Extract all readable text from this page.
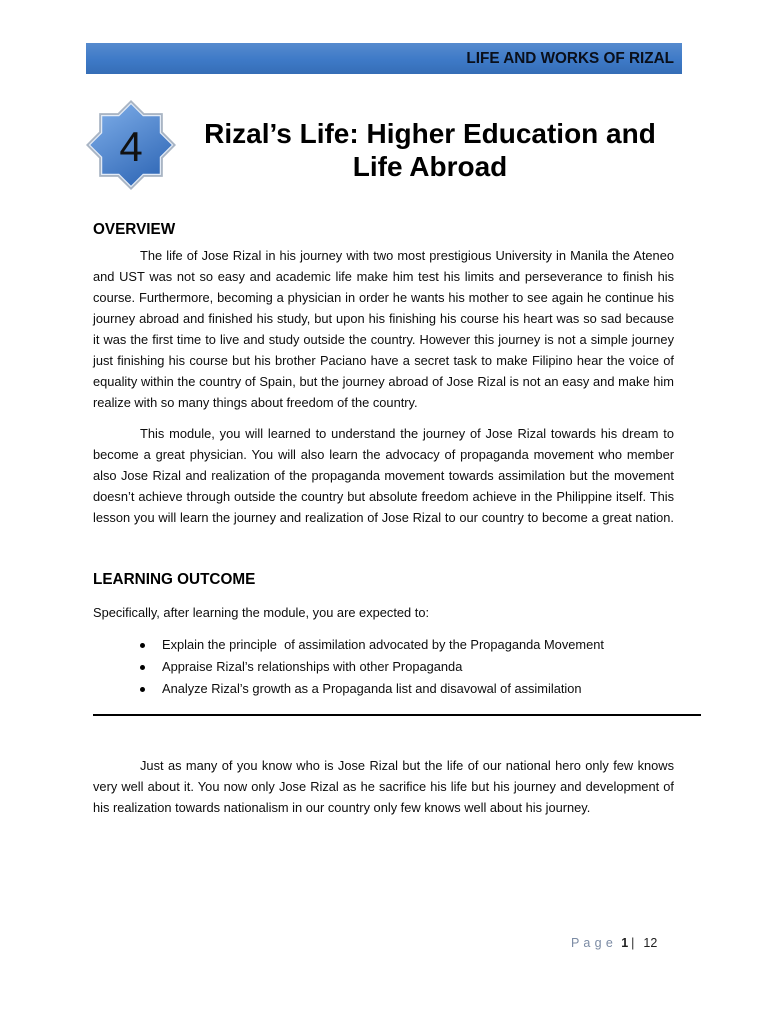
LIFE AND WORKS OF RIZAL
4	Rizal’s Life: Higher Education and
Life Abroad
OVERVIEW
The life of Jose Rizal in his journey with two most prestigious University in Manila the Ateneo
and UST was not so easy and academic life make him test his limits and perseverance to finish his
course. Furthermore, becoming a physician in order he wants his mother to see again he continue his
journey abroad and finished his study, but upon his finishing his course his heart was so sad because
it was the first time to live and study outside the country. However this journey is not a simple journey
just finishing his course but his brother Paciano have a secret task to make Filipino hear the voice of
equality within the country of Spain, but the journey abroad of Jose Rizal is not an easy and make him
realize with so many things about freedom of the country.
This module, you will learned to understand the journey of Jose Rizal towards his dream to
become a great physician. You will also learn the advocacy of propaganda movement who member
also Jose Rizal and realization of the propaganda movement towards assimilation but the movement
doesn’t achieve through outside the country but absolute freedom achieve in the Philippine itself. This
lesson you will learn the journey and realization of Jose Rizal to our country to become a great nation.
LEARNING OUTCOME
Specifically, after learning the module, you are expected to:
Explain the principle  of assimilation advocated by the Propaganda Movement
Appraise Rizal’s relationships with other Propaganda
Analyze Rizal’s growth as a Propaganda list and disavowal of assimilation
Just as many of you know who is Jose Rizal but the life of our national hero only few knows
very well about it. You now only Jose Rizal as he sacrifice his life but his journey and development of
his realization towards nationalism in our country only few knows well about his journey.
P a g e 1 | 12
